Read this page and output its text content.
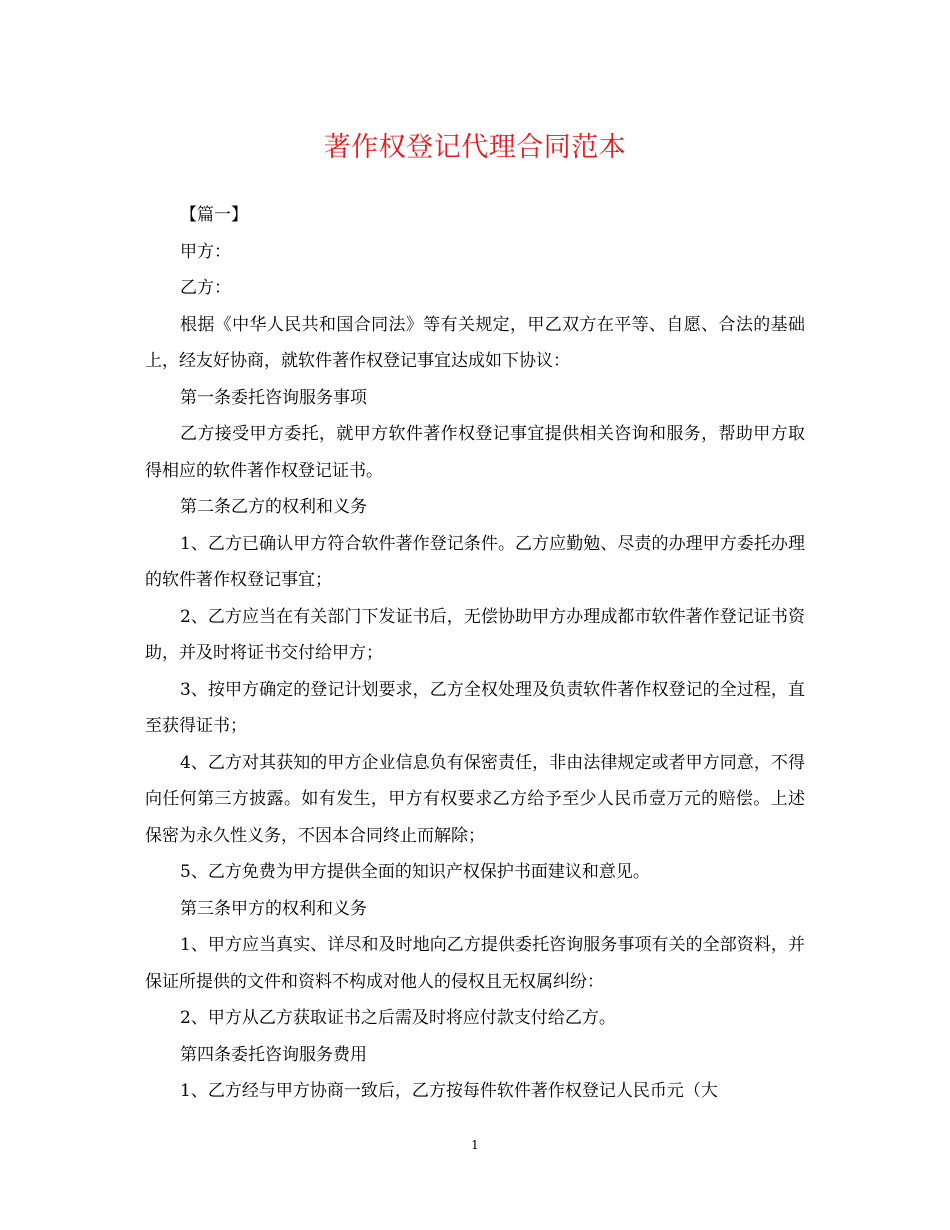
著作权登记代理合同范本

【篇一】

甲方：

乙方：

根据《中华人民共和国合同法》等有关规定，甲乙双方在平等、自愿、合法的基础上，经友好协商，就软件著作权登记事宜达成如下协议：

第一条委托咨询服务事项

乙方接受甲方委托，就甲方软件著作权登记事宜提供相关咨询和服务，帮助甲方取得相应的软件著作权登记证书。

第二条乙方的权利和义务

1、乙方已确认甲方符合软件著作登记条件。乙方应勤勉、尽责的办理甲方委托办理的软件著作权登记事宜；

2、乙方应当在有关部门下发证书后，无偿协助甲方办理成都市软件著作登记证书资助，并及时将证书交付给甲方；

3、按甲方确定的登记计划要求，乙方全权处理及负责软件著作权登记的全过程，直至获得证书；

4、乙方对其获知的甲方企业信息负有保密责任，非由法律规定或者甲方同意，不得向任何第三方披露。如有发生，甲方有权要求乙方给予至少人民币壹万元的赔偿。上述保密为永久性义务，不因本合同终止而解除；

5、乙方免费为甲方提供全面的知识产权保护书面建议和意见。

第三条甲方的权利和义务

1、甲方应当真实、详尽和及时地向乙方提供委托咨询服务事项有关的全部资料，并保证所提供的文件和资料不构成对他人的侵权且无权属纠纷：

2、甲方从乙方获取证书之后需及时将应付款支付给乙方。

第四条委托咨询服务费用

1、乙方经与甲方协商一致后，乙方按每件软件著作权登记人民币元（大

1
